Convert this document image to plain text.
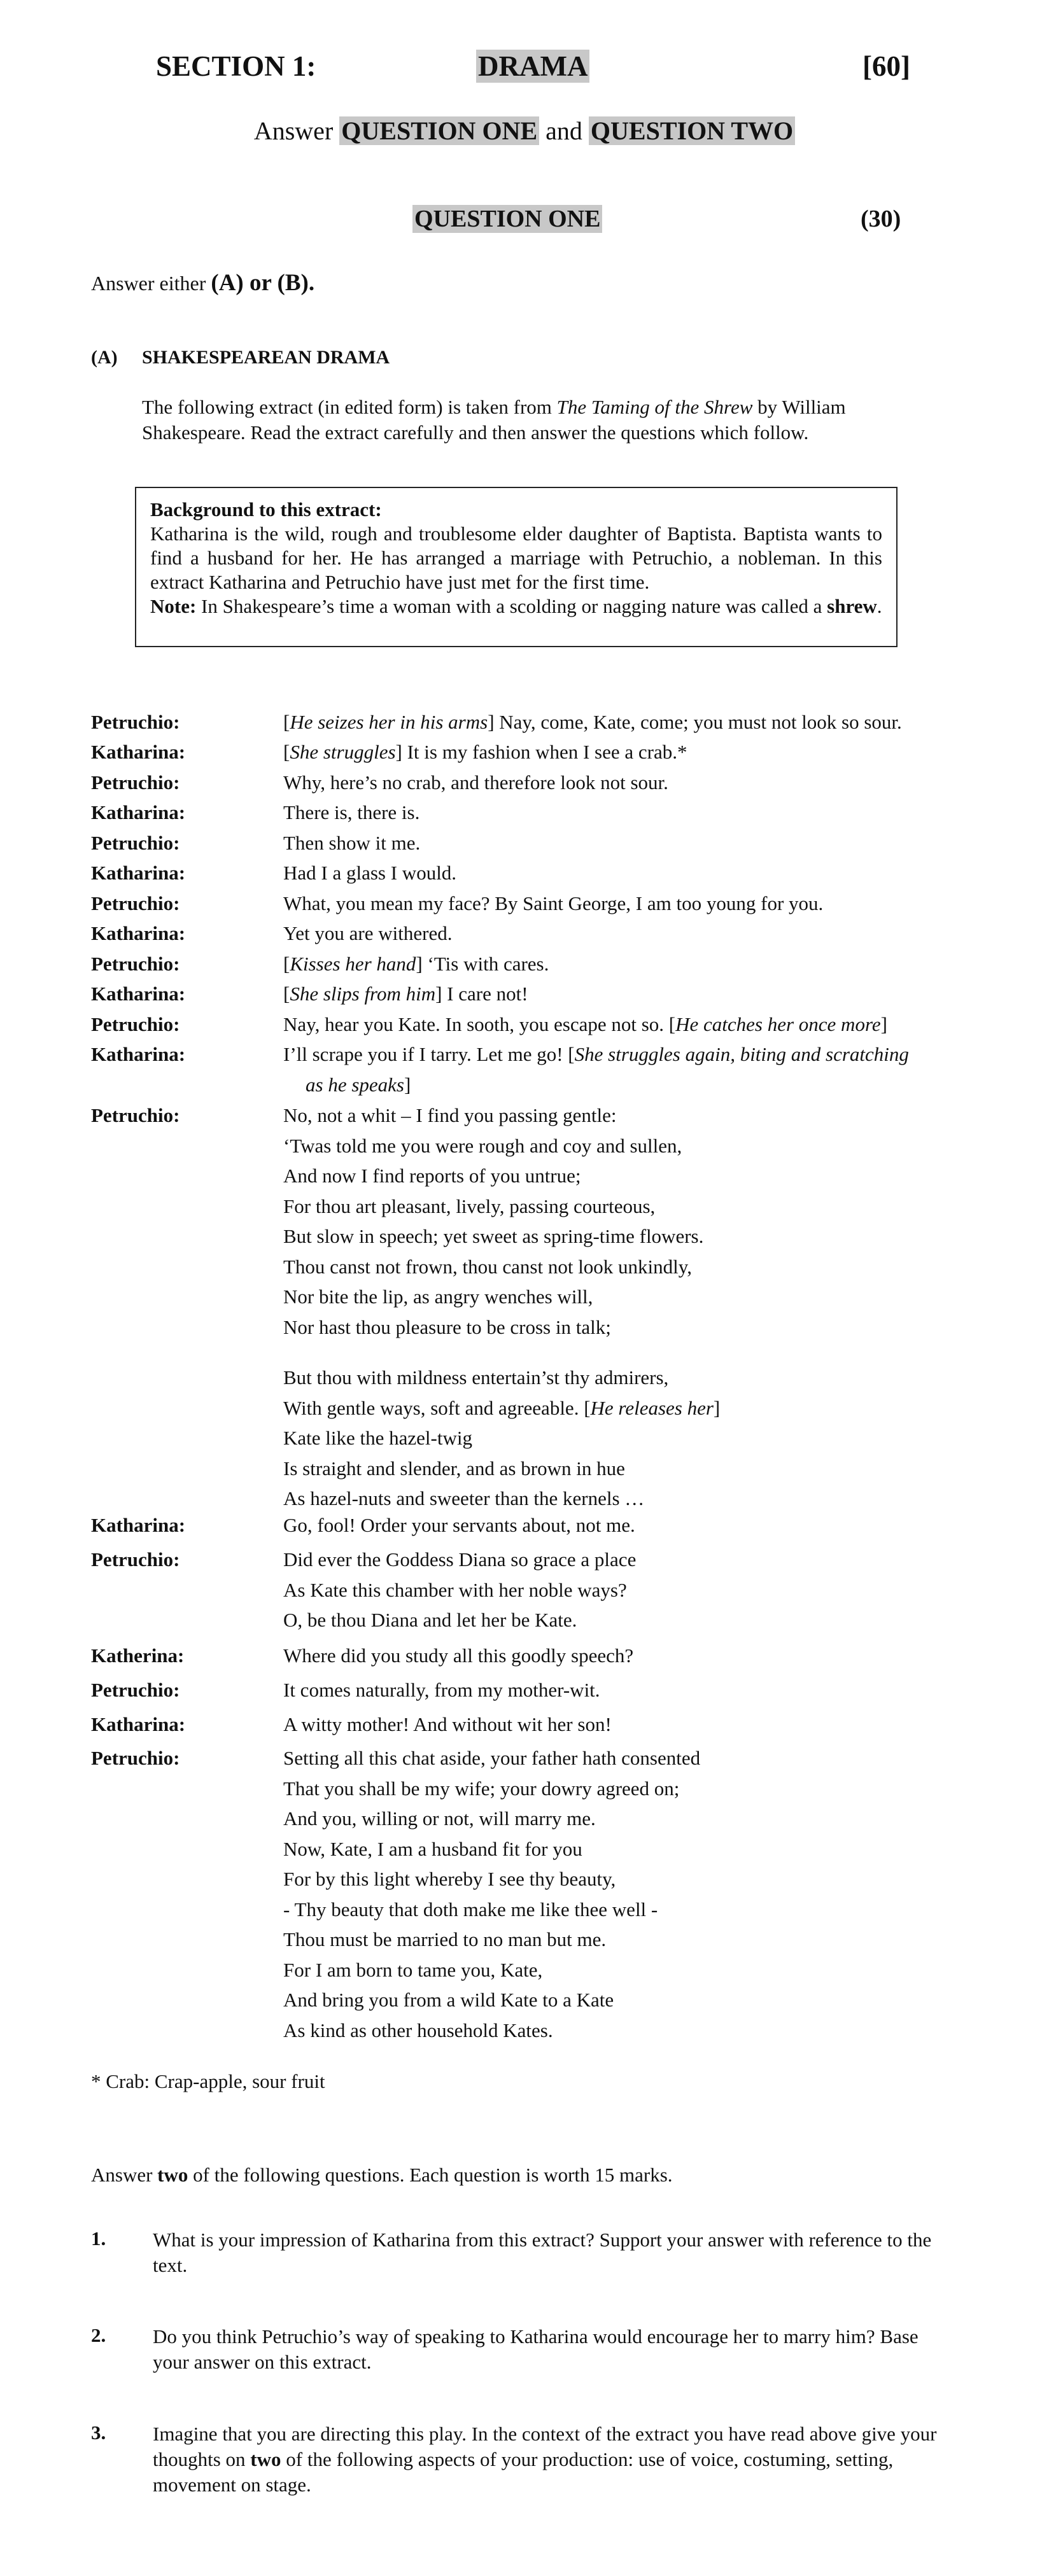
SECTION 1:	DRAMA	[60]
Answer QUESTION ONE and QUESTION TWO
QUESTION ONE	(30)
Answer either (A) or (B).
(A) SHAKESPEAREAN DRAMA
The following extract (in edited form) is taken from The Taming of the Shrew by William Shakespeare. Read the extract carefully and then answer the questions which follow.
Background to this extract:
Katharina is the wild, rough and troublesome elder daughter of Baptista. Baptista wants to find a husband for her. He has arranged a marriage with Petruchio, a nobleman. In this extract Katharina and Petruchio have just met for the first time.
Note: In Shakespeare’s time a woman with a scolding or nagging nature was called a shrew.
Petruchio:	[He seizes her in his arms] Nay, come, Kate, come; you must not look so sour.
Katharina:	[She struggles] It is my fashion when I see a crab.*
Petruchio:	Why, here’s no crab, and therefore look not sour.
Katharina:	There is, there is.
Petruchio:	Then show it me.
Katharina:	Had I a glass I would.
Petruchio:	What, you mean my face? By Saint George, I am too young for you.
Katharina:	Yet you are withered.
Petruchio:	[Kisses her hand] ‘Tis with cares.
Katharina:	[She slips from him] I care not!
Petruchio:	Nay, hear you Kate. In sooth, you escape not so. [He catches her once more]
Katharina:	I’ll scrape you if I tarry. Let me go! [She struggles again, biting and scratching
as he speaks]
Petruchio:	No, not a whit – I find you passing gentle:
‘Twas told me you were rough and coy and sullen,
And now I find reports of you untrue;
For thou art pleasant, lively, passing courteous,
But slow in speech; yet sweet as spring-time flowers.
Thou canst not frown, thou canst not look unkindly,
Nor bite the lip, as angry wenches will,
Nor hast thou pleasure to be cross in talk;
But thou with mildness entertain’st thy admirers,
With gentle ways, soft and agreeable. [He releases her]
Kate like the hazel-twig
Is straight and slender, and as brown in hue
As hazel-nuts and sweeter than the kernels …
Katharina:	Go, fool! Order your servants about, not me.
Petruchio:	Did ever the Goddess Diana so grace a place
As Kate this chamber with her noble ways?
O, be thou Diana and let her be Kate.
Katherina:	Where did you study all this goodly speech?
Petruchio:	It comes naturally, from my mother-wit.
Katharina:	A witty mother! And without wit her son!
Petruchio:	Setting all this chat aside, your father hath consented
That you shall be my wife; your dowry agreed on;
And you, willing or not, will marry me.
Now, Kate, I am a husband fit for you
For by this light whereby I see thy beauty,
- Thy beauty that doth make me like thee well -
Thou must be married to no man but me.
For I am born to tame you, Kate,
And bring you from a wild Kate to a Kate
As kind as other household Kates.
* Crab: Crap-apple, sour fruit
Answer two of the following questions. Each question is worth 15 marks.
1. What is your impression of Katharina from this extract? Support your answer with reference to the text.
2. Do you think Petruchio’s way of speaking to Katharina would encourage her to marry him? Base your answer on this extract.
3. Imagine that you are directing this play. In the context of the extract you have read above give your thoughts on two of the following aspects of your production: use of voice, costuming, setting, movement on stage.
